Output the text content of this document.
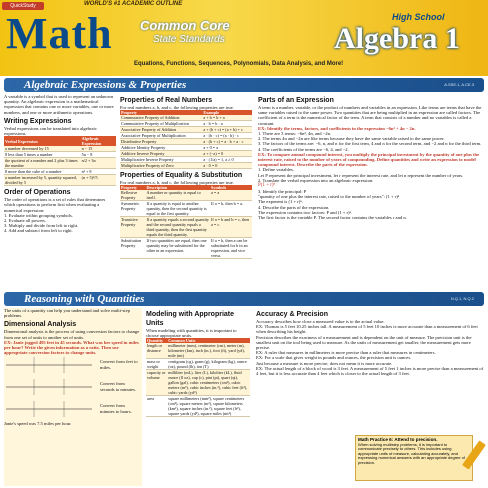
QuickStudy	WORLD'S #1 ACADEMIC OUTLINE
Math Common Core
State Standards
High School
Algebra 1
Equations, Functions, Sequences, Polynomials, Data Analysis, and More!
Algebraic Expressions & Properties	A.SSE.1, A.CE.3
A variable is a symbol that is used to represent an unknown quantity. An algebraic expression is a mathematical expression that contains one or more variables, one or more numbers, and one or more arithmetic operations.
Writing Expressions
Verbal expressions can be translated into algebraic expressions.
Verbal Expression	Algebraic Expression
a number decreased by 15	n − 15
8 less than 5 times a number	5n − 8
the quotient of a number and 2 plus 3 times the number	n/2 + 3n
8 more than the cube of a number	n³ + 8
a number increased by 5, quantity squared, divided by 5	(n + 5)²/5
Order of Operations
The order of operations is a set of rules that determines which operations to perform first when evaluating a numerical expression:
1. Evaluate within grouping symbols.
2. Evaluate all powers.
3. Multiply and divide from left to right.
4. Add and subtract from left to right.
Properties of Real Numbers
For real numbers a, b, and c, the following properties are true.
Property	Example
Commutative Property of Addition	a + b = b + a
Commutative Property of Multiplication	a · b = b · a
Associative Property of Addition	a + (b + c) = (a + b) + c
Associative Property of Multiplication	a · (b · c) = (a · b) · c
Distributive Property	a · (b + c) = a · b + a · c
Additive Identity Property	a + 0 = a
Additive Inverse Property	a + (−a) = 0
Multiplicative Inverse Property	a · (1/a) = 1, a ≠ 0
Multiplicative Property of Zero	a · 0 = 0
Properties of Equality & Substitution
For real numbers a, b, and c, the following properties are true.
Property	Description	Symbols
Reflexive Property	A number or quantity is equal to itself.	a = a
Symmetric Property	If a quantity is equal to another quantity, then the second quantity is equal to the first quantity.	If a = b, then b = a.
Transitive Property	If a quantity equals a second quantity and the second quantity equals a third quantity, then the first quantity equals the third quantity.	If a = b and b = c, then a = c.
Substitution Property	If two quantities are equal, then one quantity may be substituted for the other in an expression.	If a = b, then a can be substituted for b in an expression, and vice versa.
Parts of an Expression
A term is a number, variable, or the product of numbers and variables in an expression. Like terms are terms that have the same variables raised to the same power. Two quantities that are being multiplied in an expression are called factors. The coefficient of a term is the numerical factor of the term. A term that consists of a number and no variables is called a constant.
EX: Identify the terms, factors, and coefficients in the expression −6n² + 4n − 2n.
1. There are 3 terms: −6n², 4n, and −2n.
2. The terms 4n and −2n are like terms because they have the same variable raised to the same power.
3. The factors of the terms are: −6, n, and n for the first term, 4 and n for the second term, and −2 and n for the third term.
4. The coefficients of the terms are −6, 4, and −2.
EX: To compare annual compound interest, you multiply the principal investment by the quantity of one plus the interest rate, raised to the number of years of compounding. Define quantities and write an expression to model compound interest. Describe the parts of the expression.
1. Define variables.
Let P represent the principal investment, let r represent the interest rate, and let n represent the number of years.
2. Translate the verbal expression into an algebraic expression.
P(1 + r)ⁿ
3. Identify the principal: P
"quantity of one plus the interest rate, raised to the number of years": (1 + r)ⁿ
The exponent is (1 + r)ⁿ.
4. Describe the parts of the expression.
The expression contains two factors: P and (1 + r)ⁿ.
The first factor is the variable P. The second factor contains the variables r and n.
Reasoning with Quantities	N.Q.1, N.Q.2
The units of a quantity can help you understand and solve multi-step problems.
Dimensional Analysis
Dimensional analysis is the process of using conversion factors to change from one set of units to another set of units.
EX: Janie jogged 495 feet in 45 seconds. What was her speed in miles per hour? Write the given information as a ratio. Then use appropriate conversion factors to change units.
Convert from feet to miles.
Convert from seconds to minutes.
Convert from minutes to hours.
Janie's speed was 7.5 miles per hour.
Modeling with Appropriate Units
When modeling with quantities, it is important to choose appropriate units.
Quantity	Common Units
length or distance	millimeter (mm), centimeter (cm), meter (m), kilometer (km), inch (in.), foot (ft), yard (yd), mile (mi)
mass or weight	centigram (cg), gram (g), kilogram (kg), ounce (oz), pound (lb), ton (T)
capacity or volume	milliliter (mL), liter (L), kiloliter (kL), fluid ounce (fl oz), cup (c), pint (pt), quart (qt), gallon (gal), cubic centimeters (cm³), cubic meters (m³), cubic inches (in.³), cubic feet (ft³), cubic yards (yd³)
area	square millimeters (mm²), square centimeters (cm²), square meters (m²), square kilometers (km²), square inches (in.²), square feet (ft²), square yards (yd²), square miles (mi²)
Accuracy & Precision
Accuracy describes how close a measured value is to the actual value.
EX: Thomas is 5 feet 10.25 inches tall. A measurement of 5 feet 10 inches is more accurate than a measurement of 6 feet when describing his height.
Precision describes the exactness of a measurement and is dependent on the unit of measure. The precision unit is the smallest unit on the tool being used to measure. As the units of measurement get smaller, the measurement gets more precise.
EX: A ruler that measures in millimeters is more precise than a ruler that measures in centimeters.
EX: For a scale that gives weight in pounds and ounces, the precision unit is ounces.
Just because a measure is more precise, does not mean it is more accurate.
EX: The actual length of a block of wood is 3 feet. A measurement of 5 feet 1 inches is more precise than a measurement of 4 feet, but it is less accurate than 4 feet which is closer to the actual length of 3 feet.
Math Practice 6: Attend to precision.
When solving multistep problems, it is important to communicate precisely to others. This includes using appropriate units of measure, calculating accurately, and expressing numerical answers with an appropriate degree of precision.
